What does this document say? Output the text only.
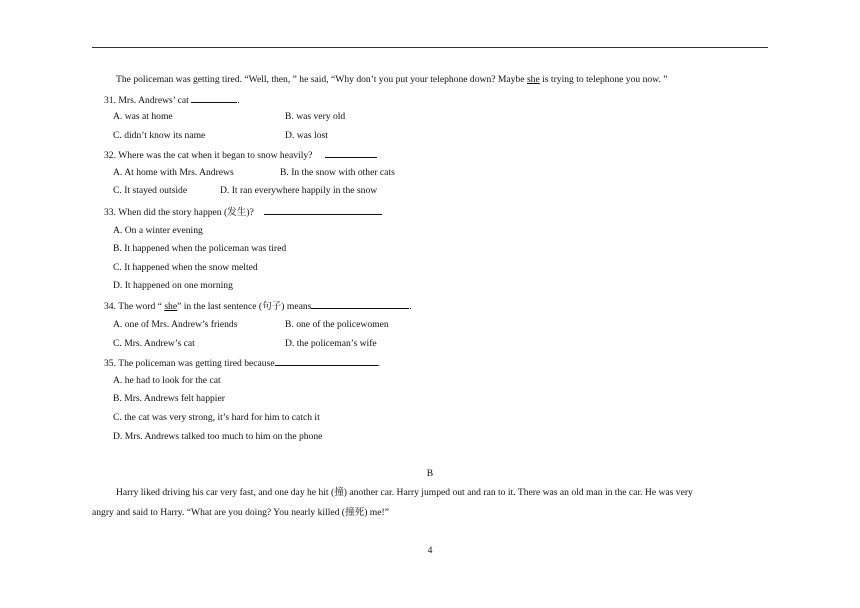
The policeman was getting tired. “Well, then, ” he said, “Why don’t you put your telephone down? Maybe she is trying to telephone you now. ”
31. Mrs. Andrews’ cat	.
A. was at home	B. was very old
C. didn’t know its name	D. was lost
32. Where was the cat when it began to snow heavily?
A. At home with Mrs. Andrews	B. In the snow with other cats
C. It stayed outside	D. It ran everywhere happily in the snow
33. When did the story happen (发生)?
A. On a winter evening
B. It happened when the policeman was tired
C. It happened when the snow melted
D. It happened on one morning
34. The word “ she” in the last sentence (句子) means	.
A. one of Mrs. Andrew’s friends	B. one of the policewomen
C. Mrs. Andrew’s cat	D. the policeman’s wife
35. The policeman was getting tired because	.
A. he had to look for the cat
B. Mrs. Andrews felt happier
C. the cat was very strong, it’s hard for him to catch it
D. Mrs. Andrews talked too much to him on the phone
B
Harry liked driving his car very fast, and one day he hit (撞) another car. Harry jumped out and ran to it. There was an old man in the car. He was very
angry and said to Harry. “What are you doing? You nearly killed (撞死) me!”
4
